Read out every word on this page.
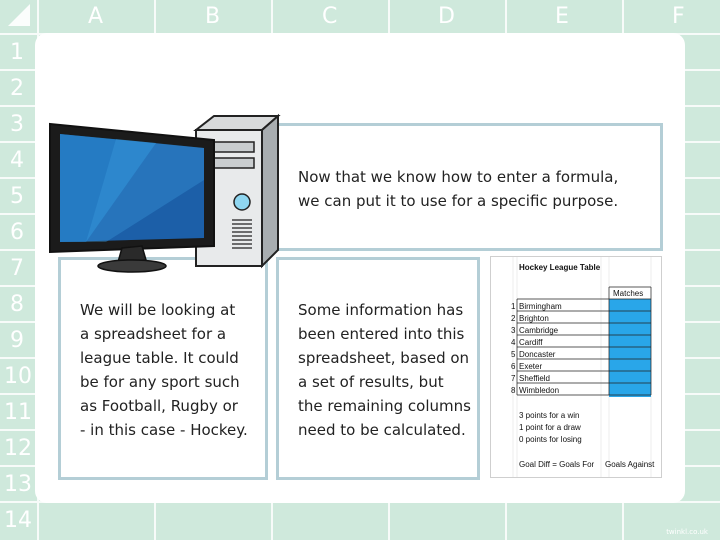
A	B	C	D	E	F
1
2
3
4
5
6
7
8
9
10
11
12
13
14
Now that we know how to enter a formula,
we can put it to use for a specific purpose.
We will be looking at
a spreadsheet for a
league table. It could
be for any sport such
as Football, Rugby or
- in this case - Hockey.
Some information has
been entered into this
spreadsheet, based on
a set of results, but
the remaining columns
need to be calculated.
Hockey League Table
Matches
1 Birmingham
2 Brighton
3 Cambridge
4 Cardiff
5 Doncaster
6 Exeter
7 Sheffield
8 Wimbledon
3 points for a win
1 point for a draw
0 points for losing
Goal Diff = Goals For Goals Against
twinkl.co.uk
